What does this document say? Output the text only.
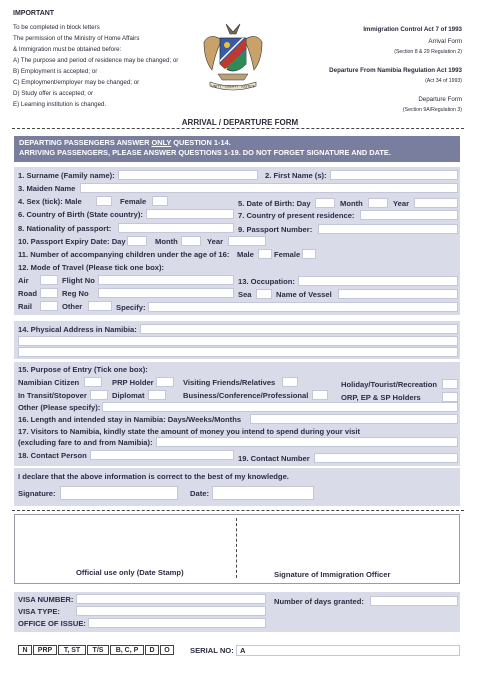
IMPORTANT
To be completed in block letters
The permission of the Ministry of Home Affairs
& Immigration must be obtained before:
A) The purpose and period of residence may be changed; or
B) Employment is accepted; or
C) Employment/employer may be changed; or
D) Study offer is accepted; or
E) Learning institution is changed.
UNITY · LIBERTY · JUSTICE
Immigration Control Act 7 of 1993
Arrival Form
(Section 8 & 29 Regulation 2)
Departure From Namibia Regulation Act 1993
(Act 34 of 1993)
Departure Form
(Section 9A/Regulation 3)
ARRIVAL / DEPARTURE FORM
DEPARTING PASSENGERS ANSWER ONLY QUESTION 1-14.
ARRIVING PASSENGERS, PLEASE ANSWER QUESTIONS 1-19. DO NOT FORGET SIGNATURE AND DATE.
1. Surname (Family name):	2. First Name (s):
3. Maiden Name
4. Sex (tick): Male	Female	5. Date of Birth: Day	Month	Year
6. Country of Birth (State country):	7. Country of present residence:
8. Nationality of passport:	9. Passport Number:
10. Passport Expiry Date: Day	Month	Year
11. Number of accompanying children under the age of 16: Male	Female
12. Mode of Travel (Please tick one box):
Air	Flight No	13. Occupation:
Road	Reg No	Sea	Name of Vessel
Rail	Other	Specify:
14. Physical Address in Namibia:
15. Purpose of Entry (Tick one box):
Namibian Citizen	PRP Holder	Visiting Friends/Relatives	Holiday/Tourist/Recreation
In Transit/Stopover	Diplomat	Business/Conference/Professional	ORP, EP & SP Holders
Other (Please specify):
16. Length and intended stay in Namibia: Days/Weeks/Months
17. Visitors to Namibia, kindly state the amount of money you intend to spend during your visit
(excluding fare to and from Namibia):
18. Contact Person	19. Contact Number
I declare that the above information is correct to the best of my knowledge.
Signature:	Date:
Official use only (Date Stamp)	Signature of Immigration Officer
VISA NUMBER:	Number of days granted:
VISA TYPE:
OFFICE OF ISSUE:
N	PRP	T, ST	T/S	B, C, P	D	O	SERIAL NO: A
